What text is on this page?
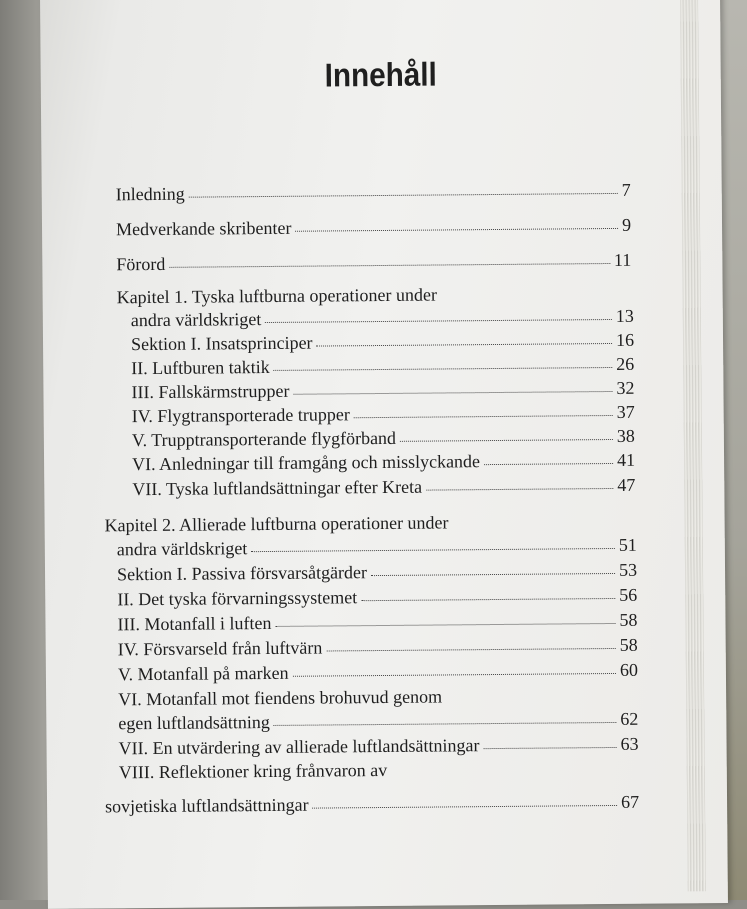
Innehåll
Inledning	7
Medverkande skribenter	9
Förord	11
Kapitel 1. Tyska luftburna operationer under
andra världskriget	13
Sektion I. Insatsprinciper	16
II. Luftburen taktik	26
III. Fallskärmstrupper	32
IV. Flygtransporterade trupper	37
V. Trupptransporterande flygförband	38
VI. Anledningar till framgång och misslyckande	41
VII. Tyska luftlandsättningar efter Kreta	47
Kapitel 2. Allierade luftburna operationer under
andra världskriget	51
Sektion I. Passiva försvarsåtgärder	53
II. Det tyska förvarningssystemet	56
III. Motanfall i luften	58
IV. Försvarseld från luftvärn	58
V. Motanfall på marken	60
VI. Motanfall mot fiendens brohuvud genom
egen luftlandsättning	62
VII. En utvärdering av allierade luftlandsättningar	63
VIII. Reflektioner kring frånvaron av
sovjetiska luftlandsättningar	67
